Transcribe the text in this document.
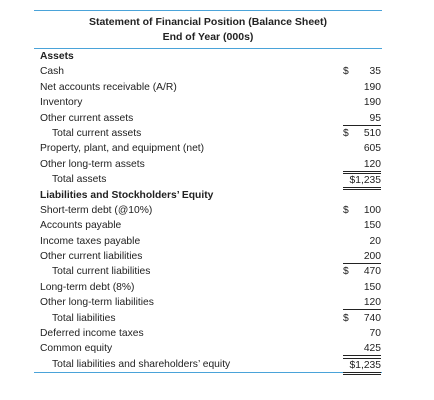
Statement of Financial Position (Balance Sheet)
End of Year (000s)
Assets
Cash	$ 35
Net accounts receivable (A/R)	190
Inventory	190
Other current assets	95
Total current assets	$ 510
Property, plant, and equipment (net)	605
Other long-term assets	120
Total assets	$1,235
Liabilities and Stockholders’ Equity
Short-term debt (@10%)	$ 100
Accounts payable	150
Income taxes payable	20
Other current liabilities	200
Total current liabilities	$ 470
Long-term debt (8%)	150
Other long-term liabilities	120
Total liabilities	$ 740
Deferred income taxes	70
Common equity	425
Total liabilities and shareholders’ equity	$1,235
